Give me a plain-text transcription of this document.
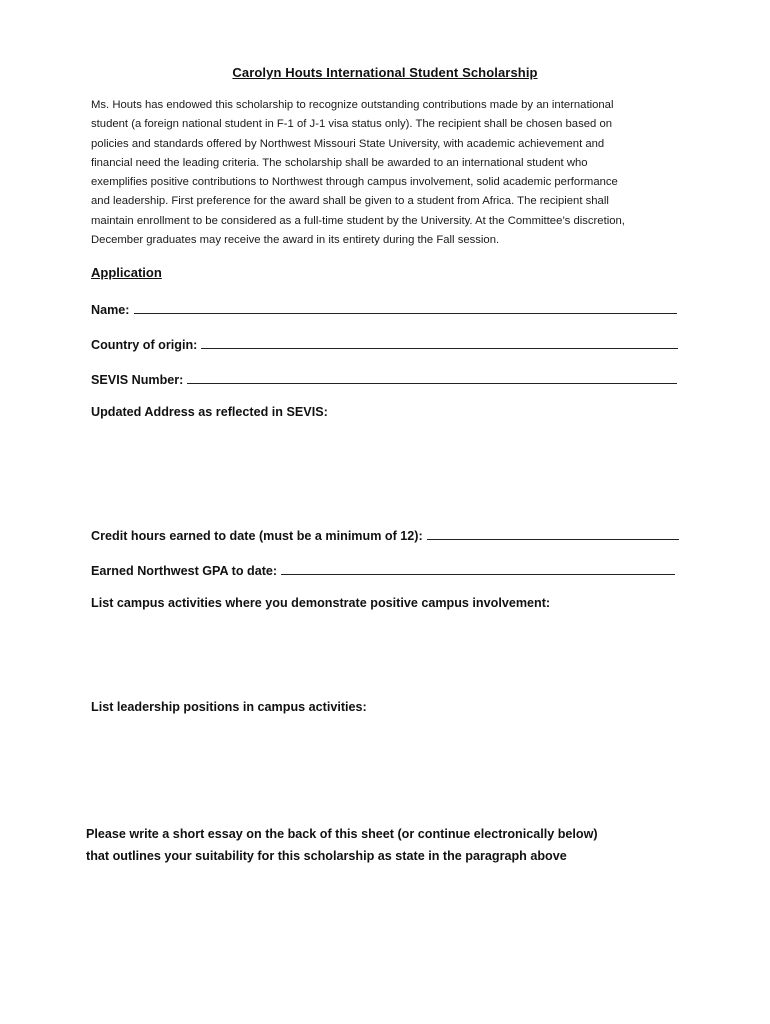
Carolyn Houts International Student Scholarship
Ms. Houts has endowed this scholarship to recognize outstanding contributions made by an international
student (a foreign national student in F-1 of J-1 visa status only). The recipient shall be chosen based on
policies and standards offered by Northwest Missouri State University, with academic achievement and
financial need the leading criteria. The scholarship shall be awarded to an international student who
exemplifies positive contributions to Northwest through campus involvement, solid academic performance
and leadership. First preference for the award shall be given to a student from Africa. The recipient shall
maintain enrollment to be considered as a full-time student by the University. At the Committee’s discretion,
December graduates may receive the award in its entirety during the Fall session.
Application
Name:
Country of origin:
SEVIS Number:
Updated Address as reflected in SEVIS:
Credit hours earned to date (must be a minimum of 12):
Earned Northwest GPA to date:
List campus activities where you demonstrate positive campus involvement:
List leadership positions in campus activities:
Please write a short essay on the back of this sheet (or continue electronically below)
that outlines your suitability for this scholarship as state in the paragraph above
